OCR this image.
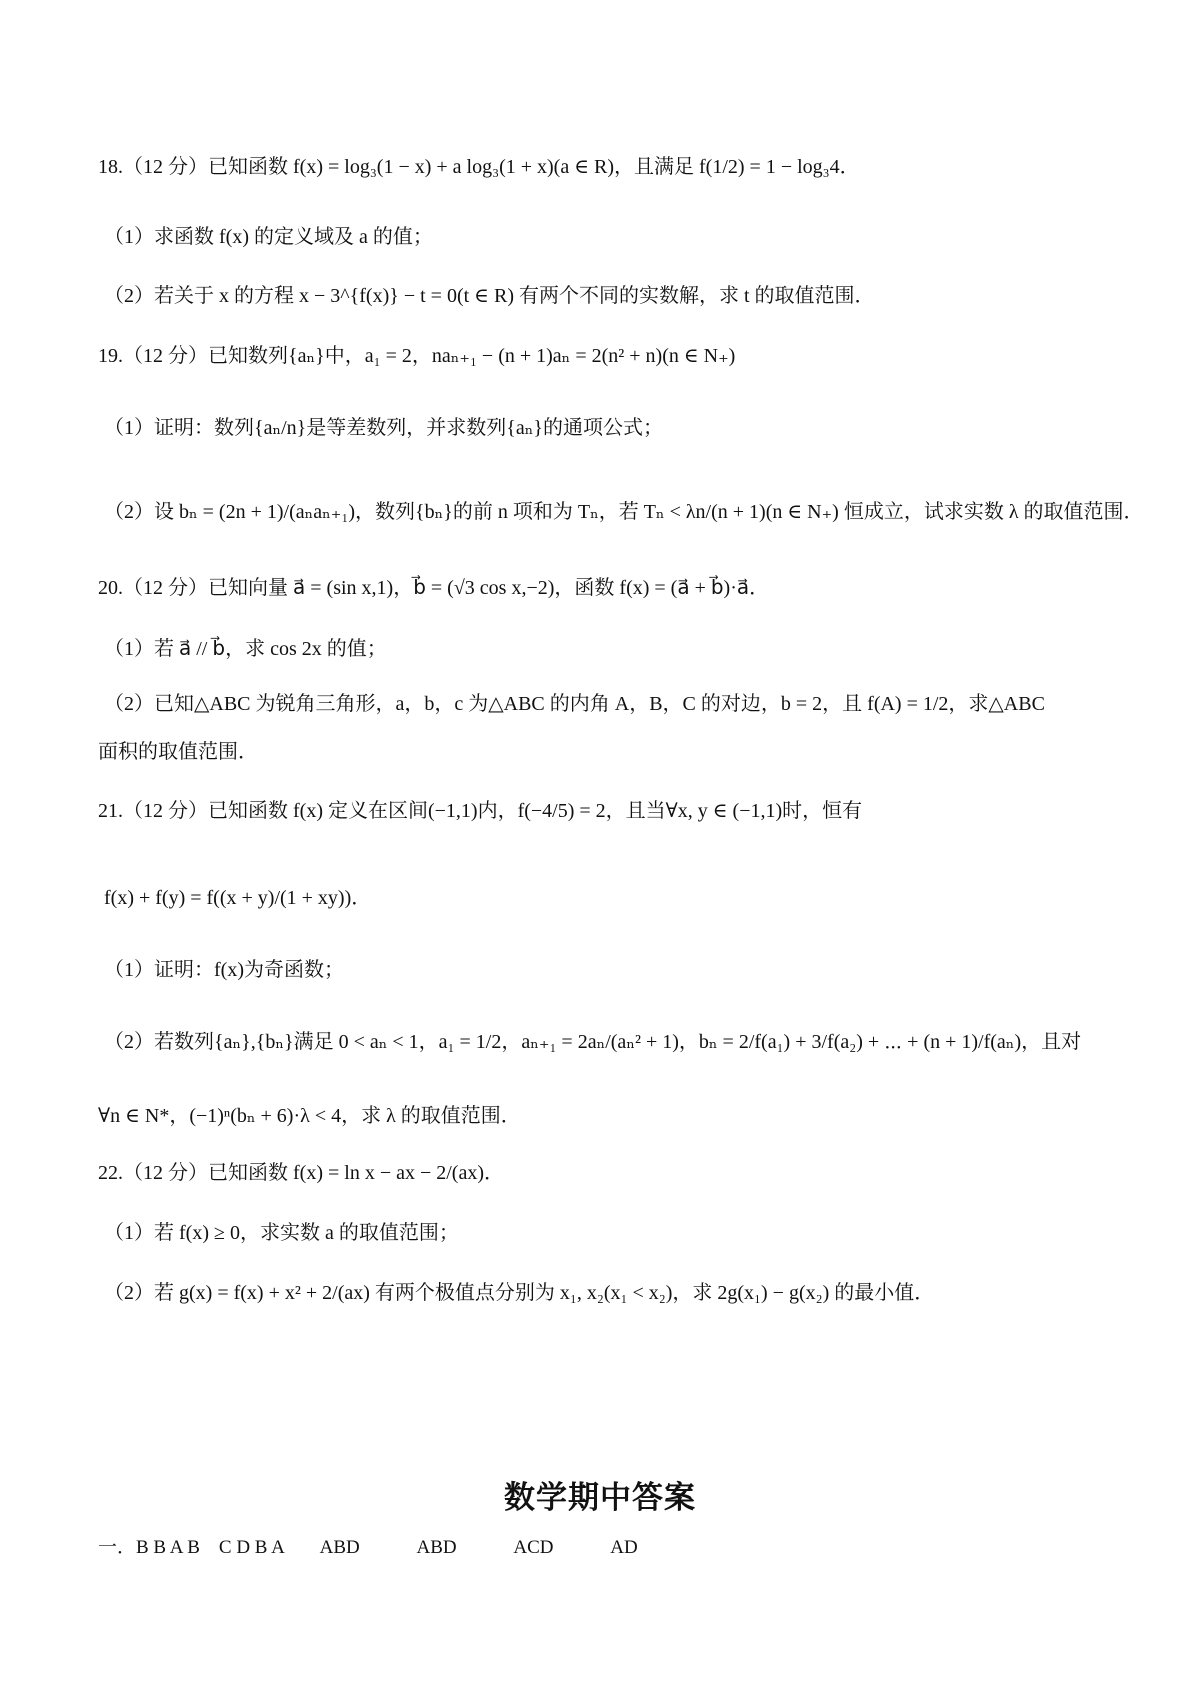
18.（12 分）已知函数 f(x) = log₃(1 − x) + a log₃(1 + x)(a ∈ R)，且满足 f(1/2) = 1 − log₃4．
（1）求函数 f(x) 的定义域及 a 的值；
（2）若关于 x 的方程 x − 3^{f(x)} − t = 0(t ∈ R) 有两个不同的实数解，求 t 的取值范围．
19.（12 分）已知数列{aₙ}中，a₁ = 2，naₙ₊₁ − (n + 1)aₙ = 2(n² + n)(n ∈ N₊)
（1）证明：数列{aₙ/n}是等差数列，并求数列{aₙ}的通项公式；
（2）设 bₙ = (2n + 1)/(aₙaₙ₊₁)，数列{bₙ}的前 n 项和为 Tₙ，若 Tₙ < λn/(n + 1)(n ∈ N₊) 恒成立，试求实数 λ 的取值范围．
20.（12 分）已知向量 a⃗ = (sin x,1)，b⃗ = (√3 cos x,−2)，函数 f(x) = (a⃗ + b⃗)·a⃗．
（1）若 a⃗ // b⃗，求 cos 2x 的值；
（2）已知△ABC 为锐角三角形，a，b，c 为△ABC 的内角 A，B，C 的对边，b = 2，且 f(A) = 1/2，求△ABC
面积的取值范围．
21.（12 分）已知函数 f(x) 定义在区间(−1,1)内，f(−4/5) = 2，且当∀x, y ∈ (−1,1)时，恒有
f(x) + f(y) = f((x + y)/(1 + xy))．
（1）证明：f(x)为奇函数；
（2）若数列{aₙ},{bₙ}满足 0 < aₙ < 1，a₁ = 1/2，aₙ₊₁ = 2aₙ/(aₙ² + 1)，bₙ = 2/f(a₁) + 3/f(a₂) + ⋯ + (n + 1)/f(aₙ)，且对
∀n ∈ N*，(−1)ⁿ(bₙ + 6)·λ < 4，求 λ 的取值范围．
22.（12 分）已知函数 f(x) = ln x − ax − 2/(ax)．
（1）若 f(x) ≥ 0，求实数 a 的取值范围；
（2）若 g(x) = f(x) + x² + 2/(ax) 有两个极值点分别为 x₁, x₂(x₁ < x₂)，求 2g(x₁) − g(x₂) 的最小值．
数学期中答案
一．B B A B　C D B A ABD	ABD	ACD	AD
